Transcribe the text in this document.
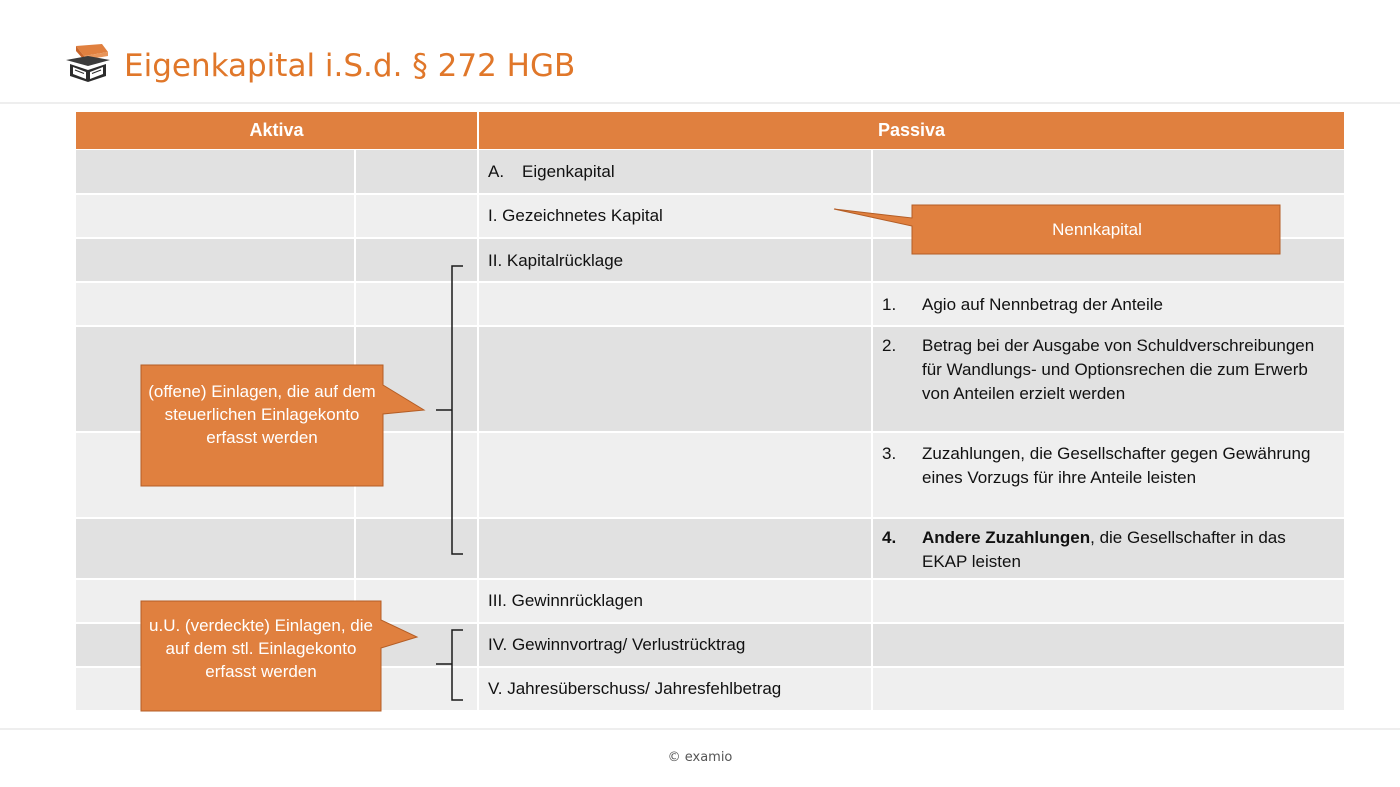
Eigenkapital i.S.d. § 272 HGB
Aktiva	Passiva
A. Eigenkapital
I. Gezeichnetes Kapital
II. Kapitalrücklage
III. Gewinnrücklagen
IV. Gewinnvortrag/ Verlustrücktrag
V. Jahresüberschuss/ Jahresfehlbetrag
1. Agio auf Nennbetrag der Anteile
2. Betrag bei der Ausgabe von Schuldverschreibungen für Wandlungs- und Optionsrechen die zum Erwerb von Anteilen erzielt werden
3. Zuzahlungen, die Gesellschafter gegen Gewährung eines Vorzugs für ihre Anteile leisten
4. Andere Zuzahlungen, die Gesellschafter in das EKAP leisten
Nennkapital
(offene) Einlagen, die auf dem steuerlichen Einlagekonto erfasst werden
u.U. (verdeckte) Einlagen, die auf dem stl. Einlagekonto erfasst werden
© examio
